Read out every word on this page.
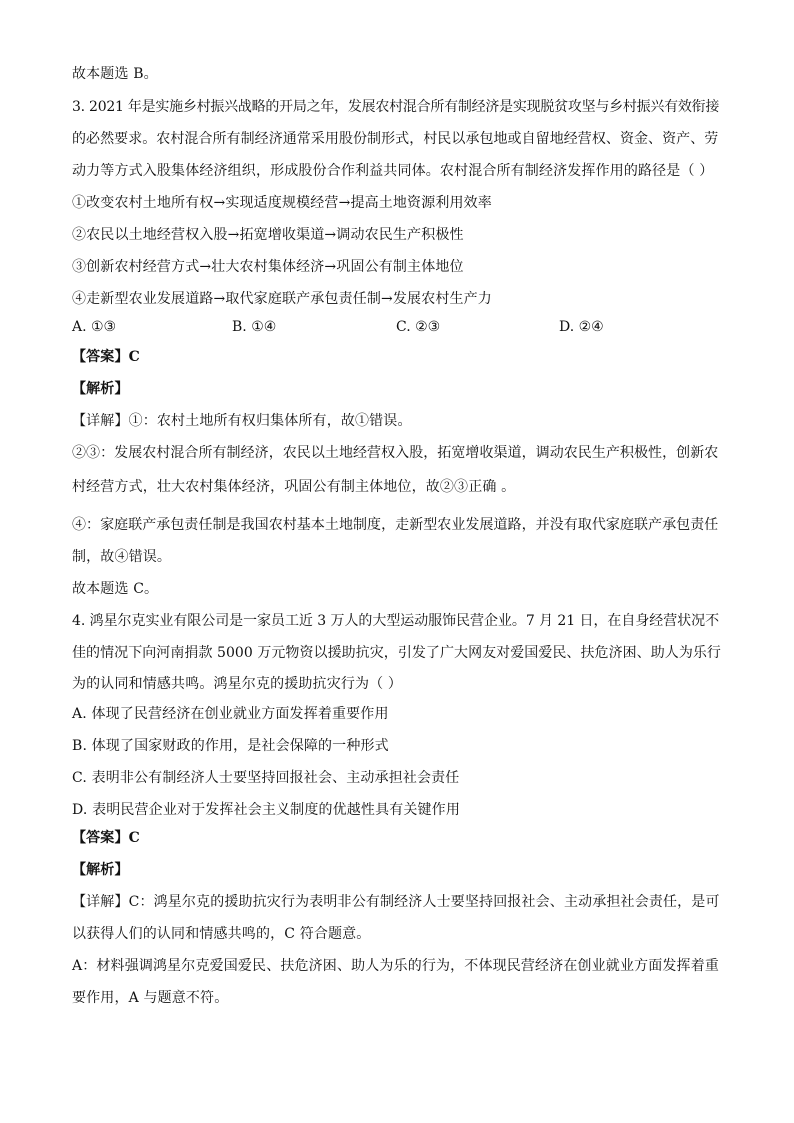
故本题选 B。
3. 2021 年是实施乡村振兴战略的开局之年，发展农村混合所有制经济是实现脱贫攻坚与乡村振兴有效衔接
的必然要求。农村混合所有制经济通常采用股份制形式，村民以承包地或自留地经营权、资金、资产、劳
动力等方式入股集体经济组织，形成股份合作利益共同体。农村混合所有制经济发挥作用的路径是（ ）
①改变农村土地所有权→实现适度规模经营→提高土地资源利用效率
②农民以土地经营权入股→拓宽增收渠道→调动农民生产积极性
③创新农村经营方式→壮大农村集体经济→巩固公有制主体地位
④走新型农业发展道路→取代家庭联产承包责任制→发展农村生产力
A. ①③	B. ①④	C. ②③	D. ②④
【答案】C
【解析】
【详解】①：农村土地所有权归集体所有，故①错误。
②③：发展农村混合所有制经济，农民以土地经营权入股，拓宽增收渠道，调动农民生产积极性，创新农
村经营方式，壮大农村集体经济，巩固公有制主体地位，故②③正确 。
④：家庭联产承包责任制是我国农村基本土地制度，走新型农业发展道路，并没有取代家庭联产承包责任
制，故④错误。
故本题选 C。
4. 鸿星尔克实业有限公司是一家员工近 3 万人的大型运动服饰民营企业。7 月 21 日，在自身经营状况不
佳的情况下向河南捐款 5000 万元物资以援助抗灾，引发了广大网友对爱国爱民、扶危济困、助人为乐行
为的认同和情感共鸣。鸿星尔克的援助抗灾行为（ ）
A. 体现了民营经济在创业就业方面发挥着重要作用
B. 体现了国家财政的作用，是社会保障的一种形式
C. 表明非公有制经济人士要坚持回报社会、主动承担社会责任
D. 表明民营企业对于发挥社会主义制度的优越性具有关键作用
【答案】C
【解析】
【详解】C：鸿星尔克的援助抗灾行为表明非公有制经济人士要坚持回报社会、主动承担社会责任，是可
以获得人们的认同和情感共鸣的，C 符合题意。
A：材料强调鸿星尔克爱国爱民、扶危济困、助人为乐的行为，不体现民营经济在创业就业方面发挥着重
要作用，A 与题意不符。
